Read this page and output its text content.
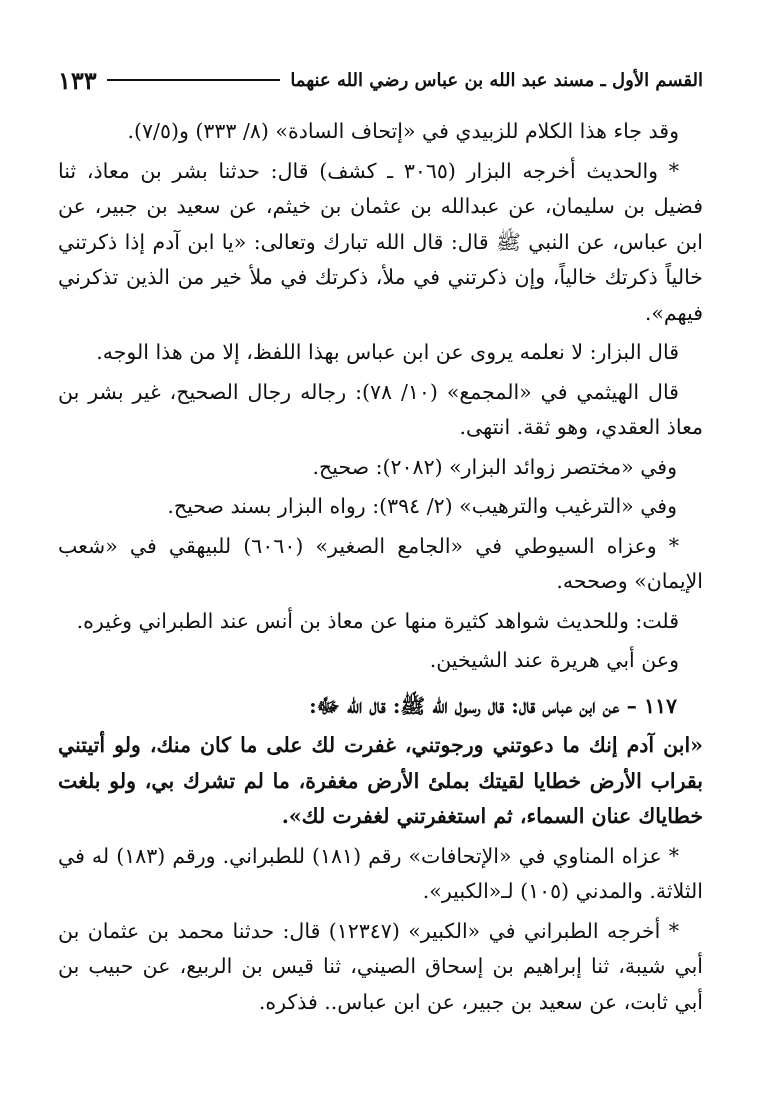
القسم الأول ـ مسند عبد الله بن عباس رضي الله عنهما
١٣٣

وقد جاء هذا الكلام للزبيدي في «إتحاف السادة» (٨/ ٣٣٣) و(٧/٥).

* والحديث أخرجه البزار (٣٠٦٥ ـ كشف) قال: حدثنا بشر بن معاذ، ثنا فضيل بن سليمان، عن عبدالله بن عثمان بن خيثم، عن سعيد بن جبير، عن ابن عباس، عن النبي ﷺ قال: قال الله تبارك وتعالى: «يا ابن آدم إذا ذكرتني خالياً ذكرتك خالياً، وإن ذكرتني في ملأ، ذكرتك في ملأ خير من الذين تذكرني فيهم».

قال البزار: لا نعلمه يروى عن ابن عباس بهذا اللفظ، إلا من هذا الوجه.

قال الهيثمي في «المجمع» (١٠/ ٧٨): رجاله رجال الصحيح، غير بشر بن معاذ العقدي، وهو ثقة. انتهى.

وفي «مختصر زوائد البزار» (٢٠٨٢): صحيح.

وفي «الترغيب والترهيب» (٢/ ٣٩٤): رواه البزار بسند صحيح.

* وعزاه السيوطي في «الجامع الصغير» (٦٠٦٠) للبيهقي في «شعب الإيمان» وصححه.

قلت: وللحديث شواهد كثيرة منها عن معاذ بن أنس عند الطبراني وغيره.

وعن أبي هريرة عند الشيخين.

١١٧ – عن ابن عباس قال: قال رسول الله ﷺ: قال الله ﷻ:

«ابن آدم إنك ما دعوتني ورجوتني، غفرت لك على ما كان منك، ولو أتيتني بقراب الأرض خطايا لقيتك بملئ الأرض مغفرة، ما لم تشرك بي، ولو بلغت خطاياك عنان السماء، ثم استغفرتني لغفرت لك».

* عزاه المناوي في «الإتحافات» رقم (١٨١) للطبراني. ورقم (١٨٣) له في الثلاثة. والمدني (١٠٥) لـ«الكبير».

* أخرجه الطبراني في «الكبير» (١٢٣٤٧) قال: حدثنا محمد بن عثمان بن أبي شيبة، ثنا إبراهيم بن إسحاق الصيني، ثنا قيس بن الربيع، عن حبيب بن أبي ثابت، عن سعيد بن جبير، عن ابن عباس.. فذكره.
